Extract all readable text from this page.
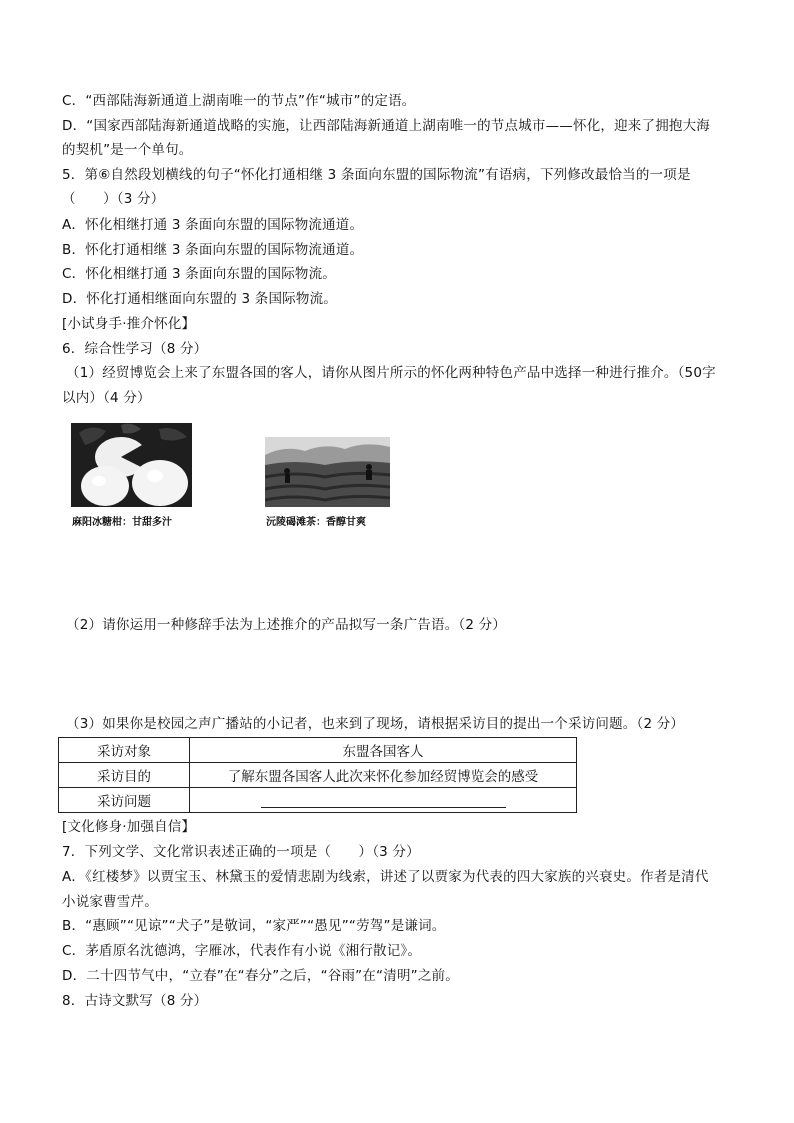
C．“西部陆海新通道上湖南唯一的节点”作“城市”的定语。
D．“国家西部陆海新通道战略的实施，让西部陆海新通道上湖南唯一的节点城市——怀化，迎来了拥抱大海
的契机”是一个单句。
5．第⑥自然段划横线的句子“怀化打通相继 3 条面向东盟的国际物流”有语病，下列修改最恰当的一项是
（　　）（3 分）
A．怀化相继打通 3 条面向东盟的国际物流通道。
B．怀化打通相继 3 条面向东盟的国际物流通道。
C．怀化相继打通 3 条面向东盟的国际物流。
D．怀化打通相继面向东盟的 3 条国际物流。
[小试身手·推介怀化】
6．综合性学习（8 分）
（1）经贸博览会上来了东盟各国的客人，请你从图片所示的怀化两种特色产品中选择一种进行推介。（50字
以内）（4 分）
麻阳冰糖柑：甘甜多汁	沅陵碣滩茶：香醇甘爽
（2）请你运用一种修辞手法为上述推介的产品拟写一条广告语。（2 分）
（3）如果你是校园之声广播站的小记者，也来到了现场，请根据采访目的提出一个采访问题。（2 分）
采访对象	东盟各国客人
采访目的	了解东盟各国客人此次来怀化参加经贸博览会的感受
采访问题	
[文化修身·加强自信】
7．下列文学、文化常识表述正确的一项是（　　）（3 分）
A．《红楼梦》以贾宝玉、林黛玉的爱情悲剧为线索，讲述了以贾家为代表的四大家族的兴衰史。作者是清代
小说家曹雪芹。
B．“惠顾”“见谅”“犬子”是敬词，“家严”“愚见”“劳驾”是谦词。
C．茅盾原名沈德鸿，字雁冰，代表作有小说《湘行散记》。
D．二十四节气中，“立春”在“春分”之后，“谷雨”在“清明”之前。
8．古诗文默写（8 分）
